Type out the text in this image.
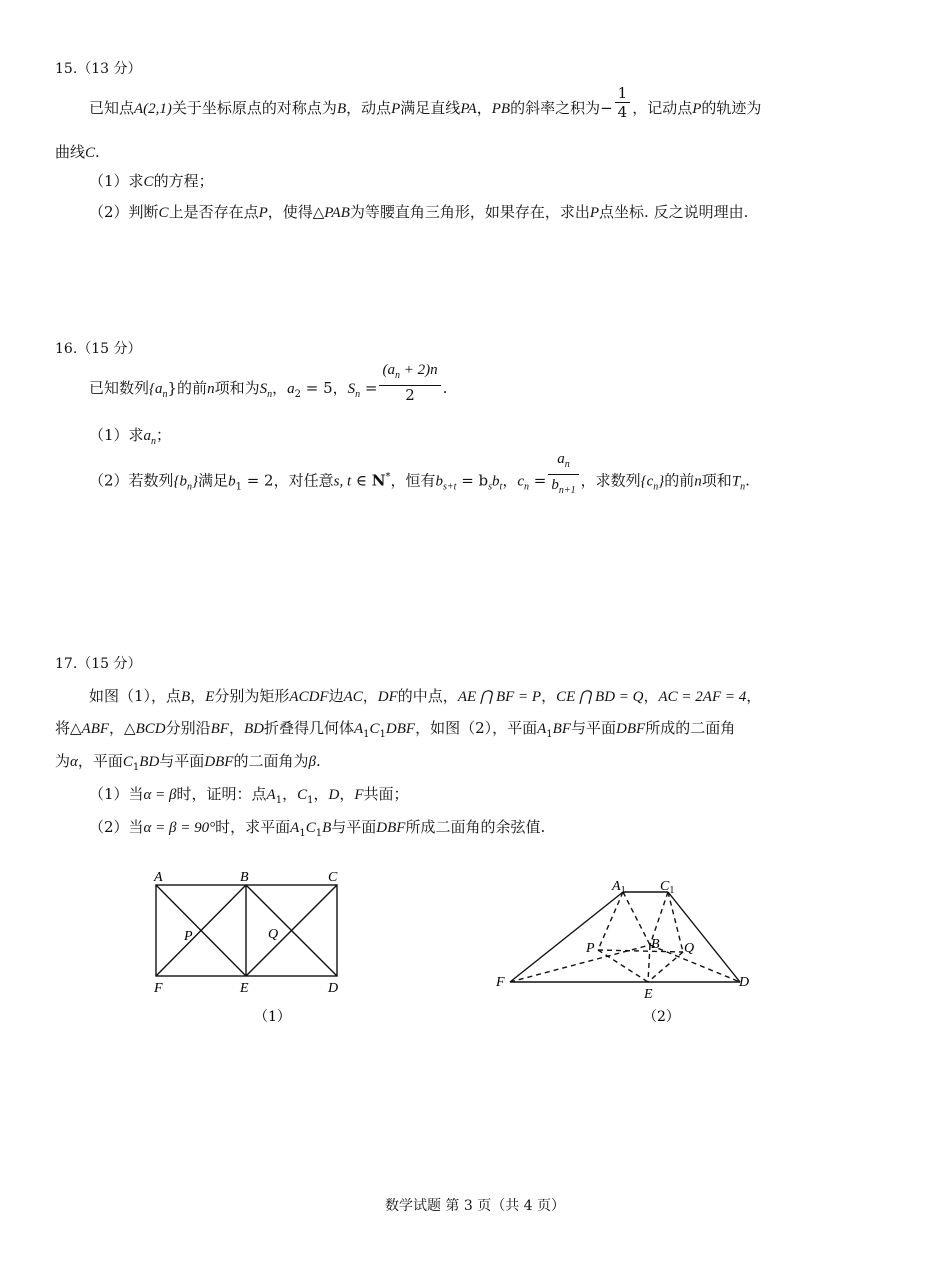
15.（13 分）
已知点A(2,1)关于坐标原点的对称点为B，动点P满足直线PA，PB的斜率之积为− $\frac{1}{4}$ ，记动点P的轨迹为
曲线C.
（1）求C的方程；
（2）判断C上是否存在点P，使得△PAB为等腰直角三角形，如果存在，求出P点坐标. 反之说明理由.
16.（15 分）
已知数列$\{a_n\}$的前n项和为$S_n$，$a_2 = 5$，$S_n = \frac{(a_n + 2)n}{2}$ .
（1）求$a_n$；
（2）若数列$\{b_n\}$满足$b_1 = 2$，对任意s, t ∈ N*，恒有$b_{s+t} = b_sb_t$，$c_n = \frac{a_n}{b_{n+1}}$ ，求数列$\{c_n\}$的前n项和$T_n$.
17.（15 分）
如图（1），点B，E分别为矩形ACDF边AC，DF的中点，AE ⋂ BF = P，CE ⋂ BD = Q，AC = 2AF = 4，
将△ABF，△BCD分别沿BF，BD折叠得几何体$A_1C_1DBF$，如图（2），平面$A_1BF$与平面DBF所成的二面角
为α，平面$C_1BD$与平面DBF的二面角为β.
（1）当α = β时，证明：点$A_1$，$C_1$，D，F共面；
（2）当α = β = 90°时，求平面$A_1C_1B$与平面DBF所成二面角的余弦值.
A	B	C
F	E	D
P	Q
（1）
$A_1$ $C_1$
P	B Q
F
E
D
（2）
数学试题 第 3 页（共 4 页）
